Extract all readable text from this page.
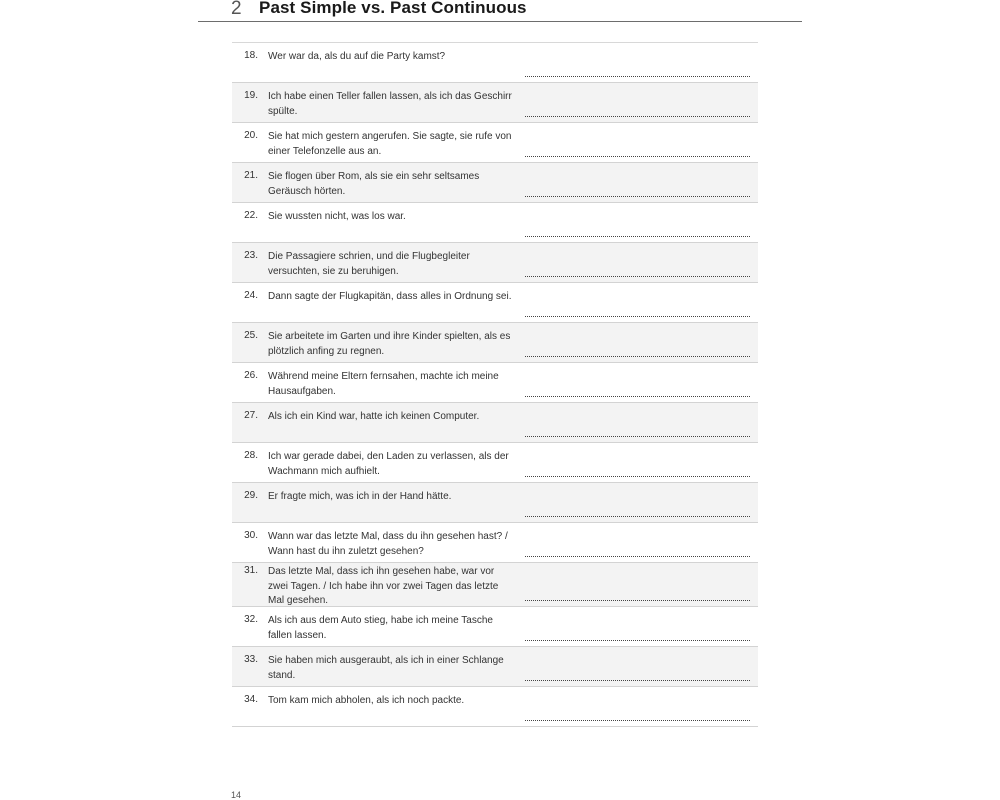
2 Past Simple vs. Past Continuous
18. Wer war da, als du auf die Party kamst?
19. Ich habe einen Teller fallen lassen, als ich das Geschirr spülte.
20. Sie hat mich gestern angerufen. Sie sagte, sie rufe von einer Telefonzelle aus an.
21. Sie flogen über Rom, als sie ein sehr seltsames Geräusch hörten.
22. Sie wussten nicht, was los war.
23. Die Passagiere schrien, und die Flugbegleiter versuchten, sie zu beruhigen.
24. Dann sagte der Flugkapitän, dass alles in Ordnung sei.
25. Sie arbeitete im Garten und ihre Kinder spielten, als es plötzlich anfing zu regnen.
26. Während meine Eltern fernsahen, machte ich meine Hausaufgaben.
27. Als ich ein Kind war, hatte ich keinen Computer.
28. Ich war gerade dabei, den Laden zu verlassen, als der Wachmann mich aufhielt.
29. Er fragte mich, was ich in der Hand hätte.
30. Wann war das letzte Mal, dass du ihn gesehen hast? / Wann hast du ihn zuletzt gesehen?
31. Das letzte Mal, dass ich ihn gesehen habe, war vor zwei Tagen. / Ich habe ihn vor zwei Tagen das letzte Mal gesehen.
32. Als ich aus dem Auto stieg, habe ich meine Tasche fallen lassen.
33. Sie haben mich ausgeraubt, als ich in einer Schlange stand.
34. Tom kam mich abholen, als ich noch packte.
14
